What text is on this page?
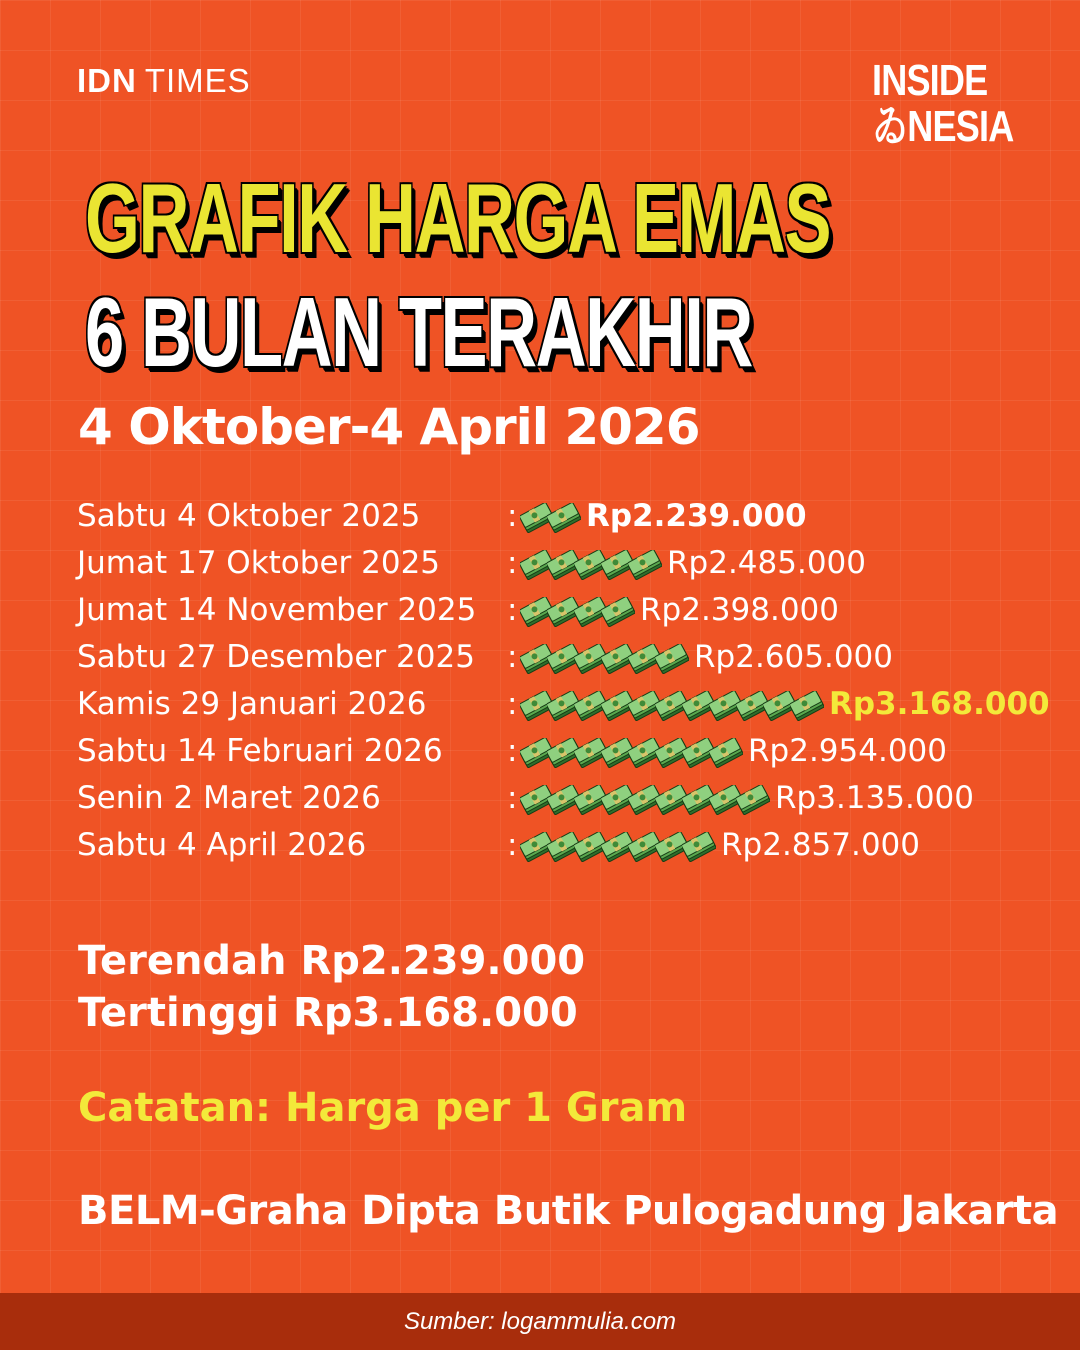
IDN TIMES	INSIDE
ゐNESIA
GRAFIK HARGA EMAS
6 BULAN TERAKHIR
4 Oktober-4 April 2026
Sabtu 4 Oktober 2025	: Rp2.239.000
Jumat 17 Oktober 2025 :	Rp2.485.000
Jumat 14 November 2025 :	Rp2.398.000
Sabtu 27 Desember 2025 :	Rp2.605.000
Kamis 29 Januari 2026	:	Rp3.168.000
Sabtu 14 Februari 2026 :	Rp2.954.000
Senin 2 Maret 2026	:	Rp3.135.000
Sabtu 4 April 2026	:	Rp2.857.000
Terendah Rp2.239.000
Tertinggi Rp3.168.000
Catatan: Harga per 1 Gram
BELM-Graha Dipta Butik Pulogadung Jakarta
Sumber: logammulia.com
